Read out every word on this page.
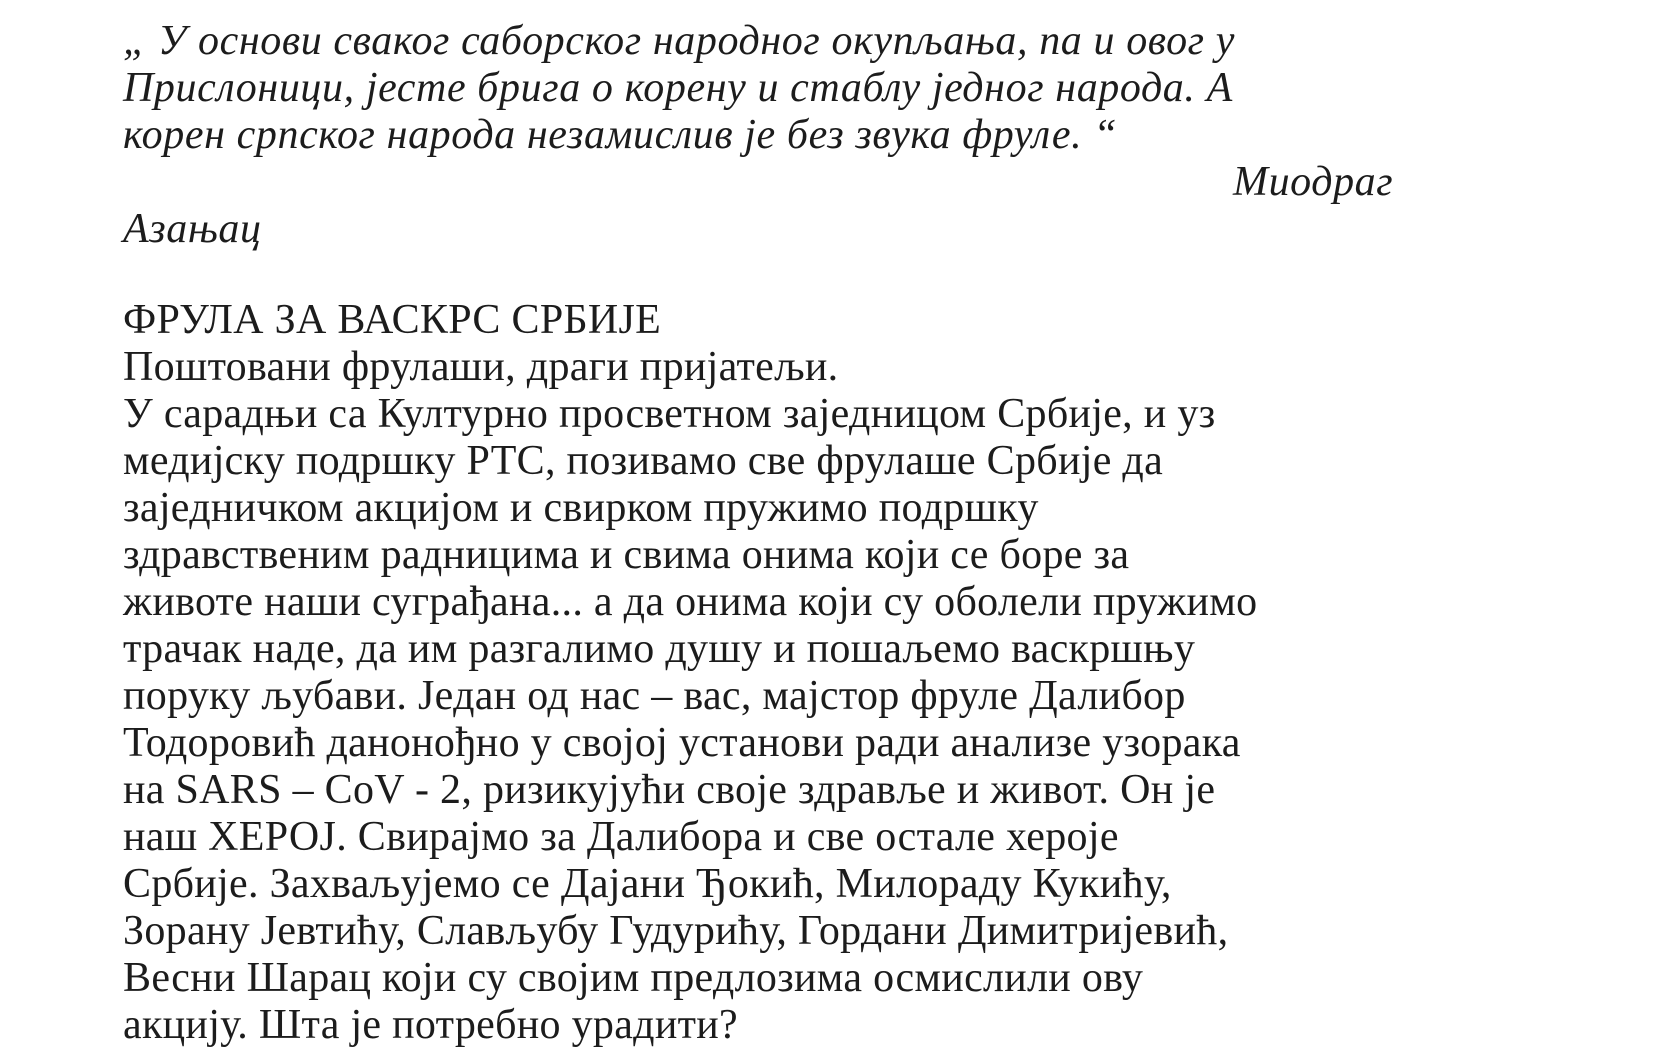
„ У основи сваког саборског народног окупљања, па и овог у
Прислоници, јесте брига о корену и стаблу једног народа. А
корен српског народа незамислив је без звука фруле. “
Миодраг
Азањац
ФРУЛА ЗА ВАСКРС СРБИЈЕ
Поштовани фрулаши, драги пријатељи.
У сарадњи са Културно просветном заједницом Србије, и уз
медијску подршку РТС, позивамо све фрулаше Србије да
заједничком акцијом и свирком пружимо подршку
здравственим радницима и свима онима који се боре за
животе наши суграђана... а да онима који су оболели пружимо
трачак наде, да им разгалимо душу и пошаљемо васкршњу
поруку љубави. Један од нас – вас, мајстор фруле Далибор
Тодоровић данонођно у својој установи ради анализе узорака
на SARS – CoV - 2, ризикујући своје здравље и живот. Он је
наш ХЕРОЈ. Свирајмо за Далибора и све остале хероје
Србије. Захваљујемо се Дајани Ђокић, Милораду Кукићу,
Зорану Јевтићу, Слављубу Гудурићу, Гордани Димитријевић,
Весни Шарац који су својим предлозима осмислили ову
акцију. Шта је потребно урадити?
